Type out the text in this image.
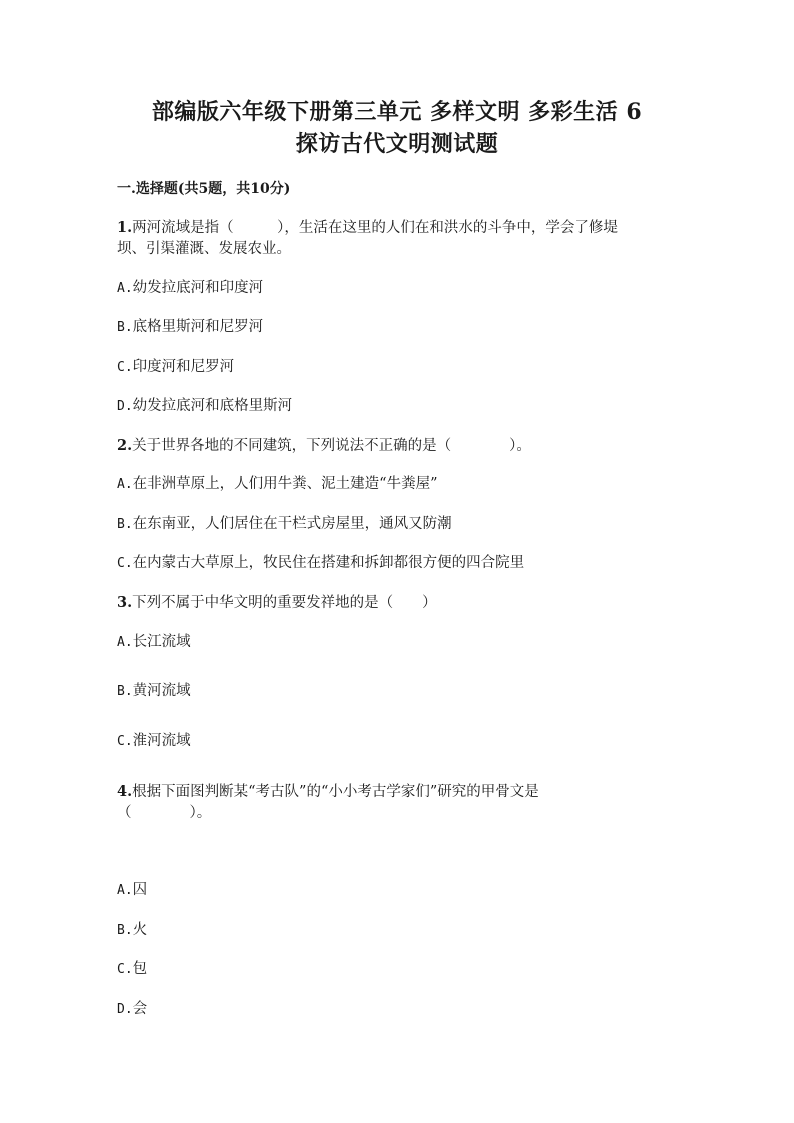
部编版六年级下册第三单元 多样文明 多彩生活 6
探访古代文明测试题
一.选择题(共5题，共10分)
1.两河流域是指（　　　），生活在这里的人们在和洪水的斗争中，学会了修堤
坝、引渠灌溉、发展农业。
A.幼发拉底河和印度河
B.底格里斯河和尼罗河
C.印度河和尼罗河
D.幼发拉底河和底格里斯河
2.关于世界各地的不同建筑，下列说法不正确的是（　　　　）。
A.在非洲草原上，人们用牛粪、泥土建造“牛粪屋”
B.在东南亚，人们居住在干栏式房屋里，通风又防潮
C.在内蒙古大草原上，牧民住在搭建和拆卸都很方便的四合院里
3.下列不属于中华文明的重要发祥地的是（　　）
A.长江流域
B.黄河流域
C.淮河流域
4.根据下面图判断某“考古队”的“小小考古学家们”研究的甲骨文是
（　　　　）。
A.囚
B.火
C.包
D.会
